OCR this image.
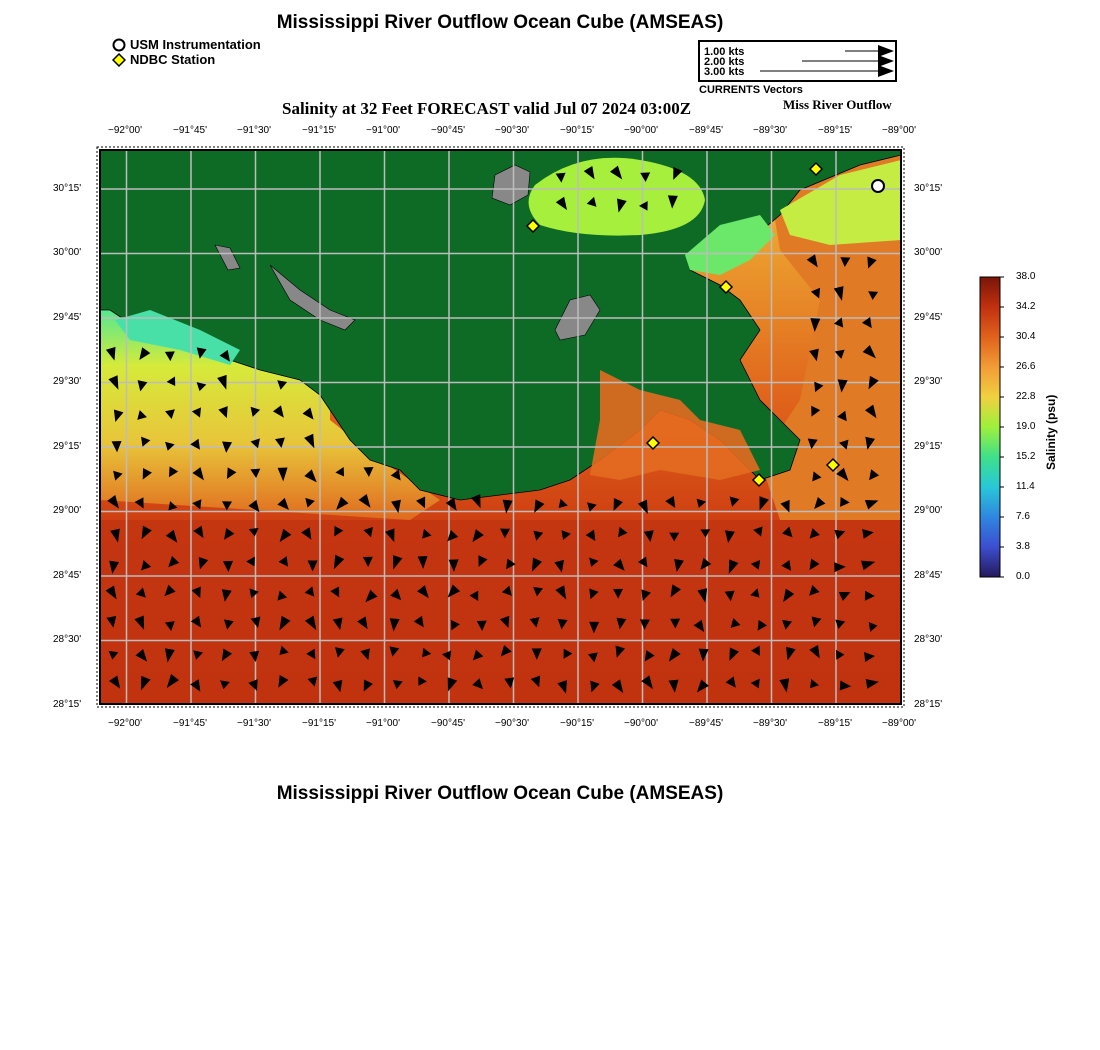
Mississippi River Outflow Ocean Cube (AMSEAS)
Mississippi River Outflow Ocean Cube (AMSEAS)
USM Instrumentation
NDBC Station	1.00 kts
2.00 kts
3.00 kts
CURRENTS Vectors
Salinity at 32 Feet FORECAST valid Jul 07 2024 03:00Z	Miss River Outflow
−92°00'	−91°45'	−91°30'	−91°15'	−91°00'	−90°45'	−90°30'	−90°15'	−90°00'	−89°45'	−89°30'	−89°15'	−89°00'
−92°00'	−91°45'	−91°30'	−91°15'	−91°00'	−90°45'	−90°30'	−90°15'	−90°00'	−89°45'	−89°30'	−89°15'	−89°00'
30°15'
30°00'
29°45'
29°30'
29°15'
29°00'
28°45'
28°30'
28°15'
30°15'
30°00'
29°45'
29°30'
29°15'
29°00'
28°45'
28°30'
28°15'
38.0
34.2
30.4
26.6
22.8
19.0
15.2
11.4
7.6
3.8
0.0
Salinity (psu)
